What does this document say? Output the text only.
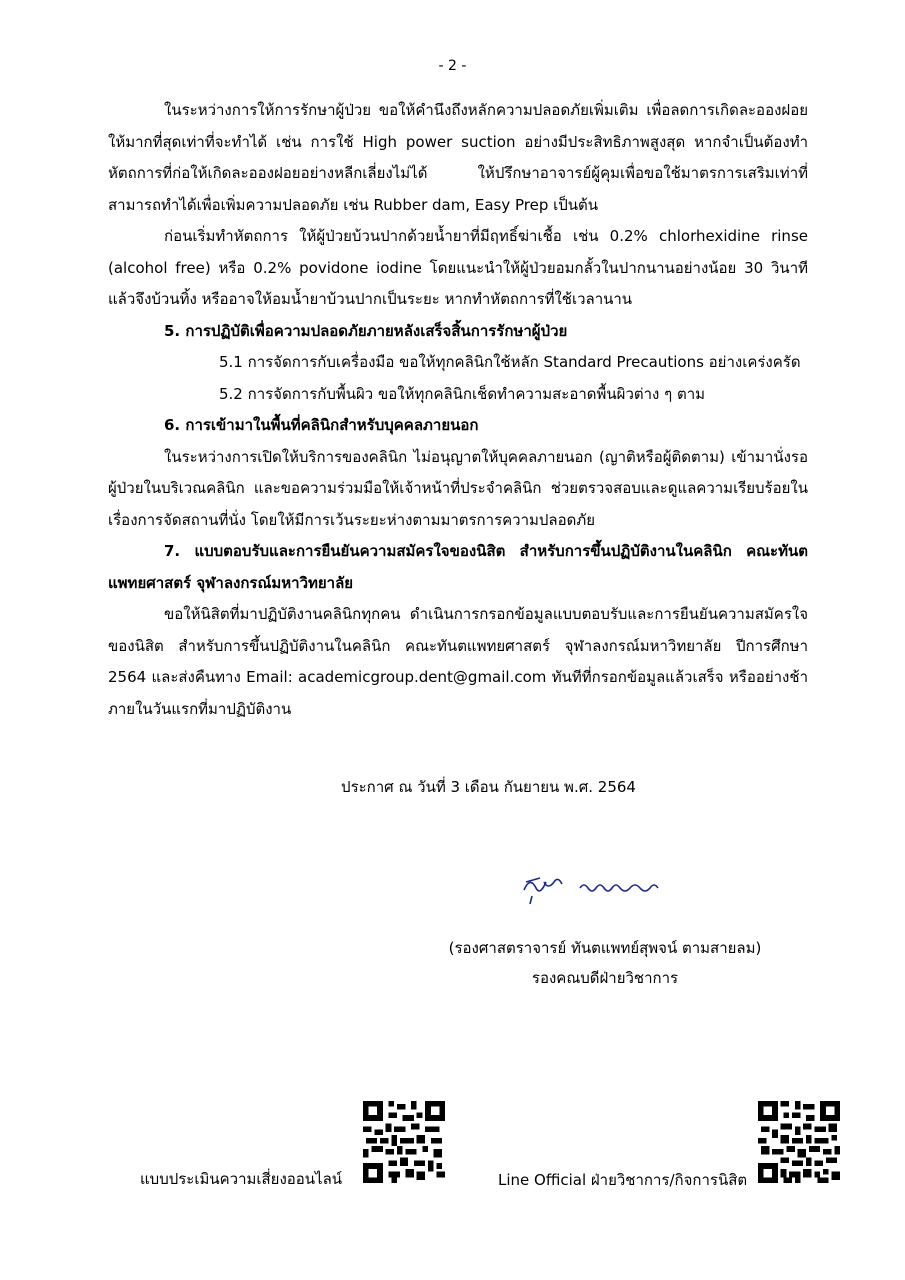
- 2 -

ในระหว่างการให้การรักษาผู้ป่วย ขอให้คำนึงถึงหลักความปลอดภัยเพิ่มเติม เพื่อลดการเกิดละอองฝอยให้มากที่สุดเท่าที่จะทำได้ เช่น การใช้ High power suction อย่างมีประสิทธิภาพสูงสุด หากจำเป็นต้องทำหัตถการที่ก่อให้เกิดละอองฝอยอย่างหลีกเลี่ยงไม่ได้ ให้ปรึกษาอาจารย์ผู้คุมเพื่อขอใช้มาตรการเสริมเท่าที่สามารถทำได้เพื่อเพิ่มความปลอดภัย เช่น Rubber dam, Easy Prep เป็นต้น

ก่อนเริ่มทำหัตถการ ให้ผู้ป่วยบ้วนปากด้วยน้ำยาที่มีฤทธิ์ฆ่าเชื้อ เช่น 0.2% chlorhexidine rinse (alcohol free) หรือ 0.2% povidone iodine โดยแนะนำให้ผู้ป่วยอมกลั้วในปากนานอย่างน้อย 30 วินาที แล้วจึงบ้วนทิ้ง หรืออาจให้อมน้ำยาบ้วนปากเป็นระยะ หากทำหัตถการที่ใช้เวลานาน

5. การปฏิบัติเพื่อความปลอดภัยภายหลังเสร็จสิ้นการรักษาผู้ป่วย

5.1 การจัดการกับเครื่องมือ ขอให้ทุกคลินิกใช้หลัก Standard Precautions อย่างเคร่งครัด

5.2 การจัดการกับพื้นผิว ขอให้ทุกคลินิกเช็ดทำความสะอาดพื้นผิวต่าง ๆ ตาม

6. การเข้ามาในพื้นที่คลินิกสำหรับบุคคลภายนอก

ในระหว่างการเปิดให้บริการของคลินิก ไม่อนุญาตให้บุคคลภายนอก (ญาติหรือผู้ติดตาม) เข้ามานั่งรอผู้ป่วยในบริเวณคลินิก และขอความร่วมมือให้เจ้าหน้าที่ประจำคลินิก ช่วยตรวจสอบและดูแลความเรียบร้อยในเรื่องการจัดสถานที่นั่ง โดยให้มีการเว้นระยะห่างตามมาตรการความปลอดภัย

7. แบบตอบรับและการยืนยันความสมัครใจของนิสิต สำหรับการขึ้นปฏิบัติงานในคลินิก คณะทันตแพทยศาสตร์ จุฬาลงกรณ์มหาวิทยาลัย

ขอให้นิสิตที่มาปฏิบัติงานคลินิกทุกคน ดำเนินการกรอกข้อมูลแบบตอบรับและการยืนยันความสมัครใจของนิสิต สำหรับการขึ้นปฏิบัติงานในคลินิก คณะทันตแพทยศาสตร์ จุฬาลงกรณ์มหาวิทยาลัย ปีการศึกษา 2564 และส่งคืนทาง Email: academicgroup.dent@gmail.com ทันทีที่กรอกข้อมูลแล้วเสร็จ หรืออย่างช้าภายในวันแรกที่มาปฏิบัติงาน

ประกาศ ณ วันที่ 3 เดือน กันยายน พ.ศ. 2564
(รองศาสตราจารย์ ทันตแพทย์สุพจน์ ตามสายลม)
รองคณบดีฝ่ายวิชาการ
แบบประเมินความเสี่ยงออนไลน์	Line Official ฝ่ายวิชาการ/กิจการนิสิต
